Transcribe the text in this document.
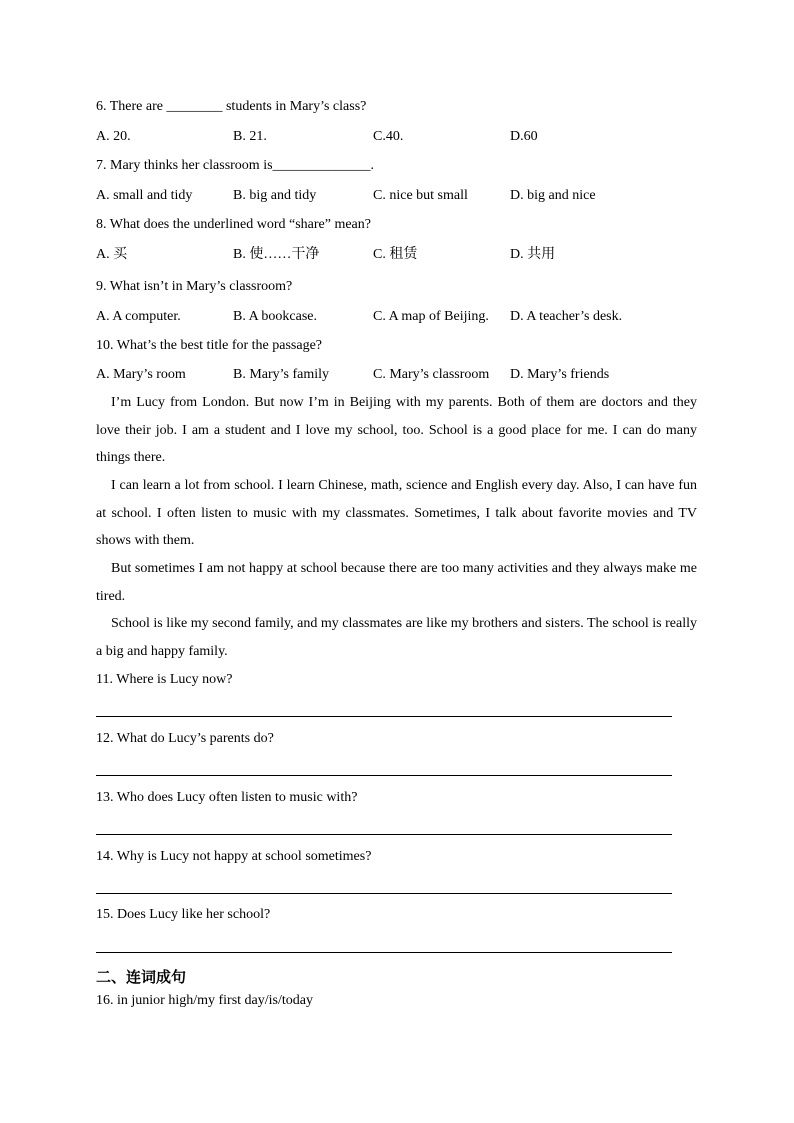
6. There are ________ students in Mary’s class?
A. 20.	B. 21.	C.40.	D.60
7. Mary thinks her classroom is______________.
A. small and tidy	B. big and tidy	C. nice but small	D. big and nice
8. What does the underlined word “share” mean?
A. 买	B. 使……干净	C. 租赁	D. 共用
9. What isn’t in Mary’s classroom?
A. A computer.	B. A bookcase.	C. A map of Beijing. D. A teacher’s desk.
10. What’s the best title for the passage?
A. Mary’s room	B. Mary’s family	C. Mary’s classroom D. Mary’s friends
I’m Lucy from London. But now I’m in Beijing with my parents. Both of them are doctors and they love their job. I am a student and I love my school, too. School is a good place for me. I can do many things there.
I can learn a lot from school. I learn Chinese, math, science and English every day. Also, I can have fun at school. I often listen to music with my classmates. Sometimes, I talk about favorite movies and TV shows with them.
But sometimes I am not happy at school because there are too many activities and they always make me tired.
School is like my second family, and my classmates are like my brothers and sisters. The school is really a big and happy family.
11. Where is Lucy now?
12. What do Lucy’s parents do?
13. Who does Lucy often listen to music with?
14. Why is Lucy not happy at school sometimes?
15. Does Lucy like her school?
二、连词成句
16. in junior high/my first day/is/today
